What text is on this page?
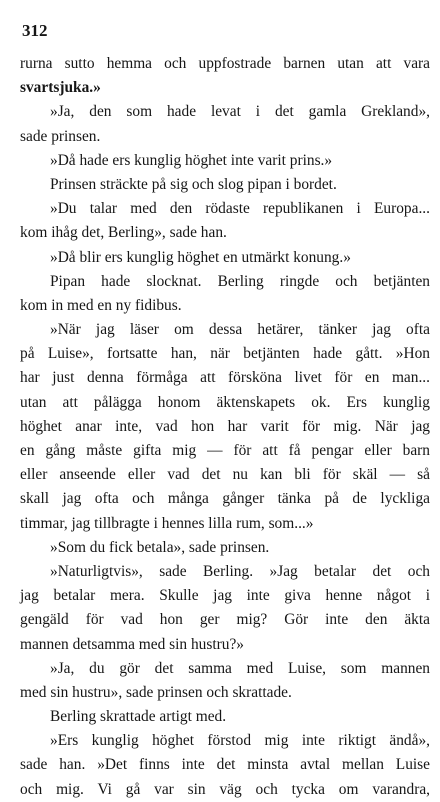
312
rurna sutto hemma och uppfostrade barnen utan att vara
svartsjuka.»
»Ja, den som hade levat i det gamla Grekland»,
sade prinsen.
»Då hade ers kunglig höghet inte varit prins.»
Prinsen sträckte på sig och slog pipan i bordet.
»Du talar med den rödaste republikanen i Europa...
kom ihåg det, Berling», sade han.
»Då blir ers kunglig höghet en utmärkt konung.»
Pipan hade slocknat. Berling ringde och betjänten
kom in med en ny fidibus.
»När jag läser om dessa hetärer, tänker jag ofta
på Luise», fortsatte han, när betjänten hade gått. »Hon
har just denna förmåga att försköna livet för en man...
utan att pålägga honom äktenskapets ok. Ers kunglig
höghet anar inte, vad hon har varit för mig. När jag
en gång måste gifta mig — för att få pengar eller barn
eller anseende eller vad det nu kan bli för skäl — så
skall jag ofta och många gånger tänka på de lyckliga
timmar, jag tillbragte i hennes lilla rum, som...»
»Som du fick betala», sade prinsen.
»Naturligtvis», sade Berling. »Jag betalar det och
jag betalar mera. Skulle jag inte giva henne något i
gengäld för vad hon ger mig? Gör inte den äkta
mannen detsamma med sin hustru?»
»Ja, du gör det samma med Luise, som mannen
med sin hustru», sade prinsen och skrattade.
Berling skrattade artigt med.
»Ers kunglig höghet förstod mig inte riktigt ändå»,
sade han. »Det finns inte det minsta avtal mellan Luise
och mig. Vi gå var sin väg och tycka om varandra,
